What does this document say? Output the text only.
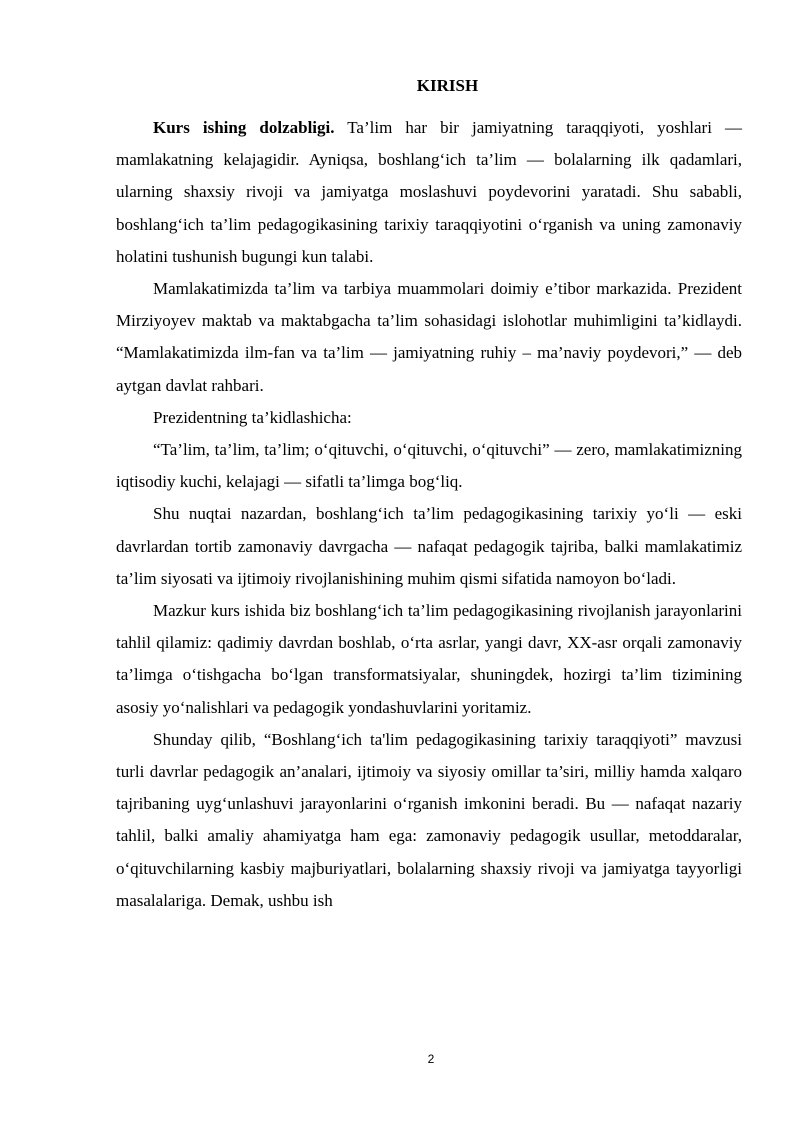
KIRISH

Kurs ishing dolzabligi. Ta’lim har bir jamiyatning taraqqiyoti, yoshlari — mamlakatning kelajagidir. Ayniqsa, boshlang‘ich ta’lim — bolalarning ilk qadamlari, ularning shaxsiy rivoji va jamiyatga moslashuvi poydevorini yaratadi. Shu sababli, boshlang‘ich ta’lim pedagogikasining tarixiy taraqqiyotini o‘rganish va uning zamonaviy holatini tushunish bugungi kun talabi.

Mamlakatimizda ta’lim va tarbiya muammolari doimiy e’tibor markazida. Prezident Mirziyoyev maktab va maktabgacha ta’lim sohasidagi islohotlar muhimligini ta’kidlaydi. “Mamlakatimizda ilm-fan va ta’lim — jamiyatning ruhiy – ma’naviy poydevori,” — deb aytgan davlat rahbari.

Prezidentning ta’kidlashicha:

“Ta’lim, ta’lim, ta’lim; o‘qituvchi, o‘qituvchi, o‘qituvchi” — zero, mamlakatimizning iqtisodiy kuchi, kelajagi — sifatli ta’limga bog‘liq.

Shu nuqtai nazardan, boshlang‘ich ta’lim pedagogikasining tarixiy yo‘li — eski davrlardan tortib zamonaviy davrgacha — nafaqat pedagogik tajriba, balki mamlakatimiz ta’lim siyosati va ijtimoiy rivojlanishining muhim qismi sifatida namoyon bo‘ladi.

Mazkur kurs ishida biz boshlang‘ich ta’lim pedagogikasining rivojlanish jarayonlarini tahlil qilamiz: qadimiy davrdan boshlab, o‘rta asrlar, yangi davr, XX-asr orqali zamonaviy ta’limga o‘tishgacha bo‘lgan transformatsiyalar, shuningdek, hozirgi ta’lim tizimining asosiy yo‘nalishlari va pedagogik yondashuvlarini yoritamiz.

Shunday qilib, “Boshlang‘ich ta'lim pedagogikasining tarixiy taraqqiyoti” mavzusi turli davrlar pedagogik an’analari, ijtimoiy va siyosiy omillar ta’siri, milliy hamda xalqaro tajribaning uyg‘unlashuvi jarayonlarini o‘rganish imkonini beradi. Bu — nafaqat nazariy tahlil, balki amaliy ahamiyatga ham ega: zamonaviy pedagogik usullar, metoddaralar, o‘qituvchilarning kasbiy majburiyatlari, bolalarning shaxsiy rivoji va jamiyatga tayyorligi masalalariga. Demak, ushbu ish

2
